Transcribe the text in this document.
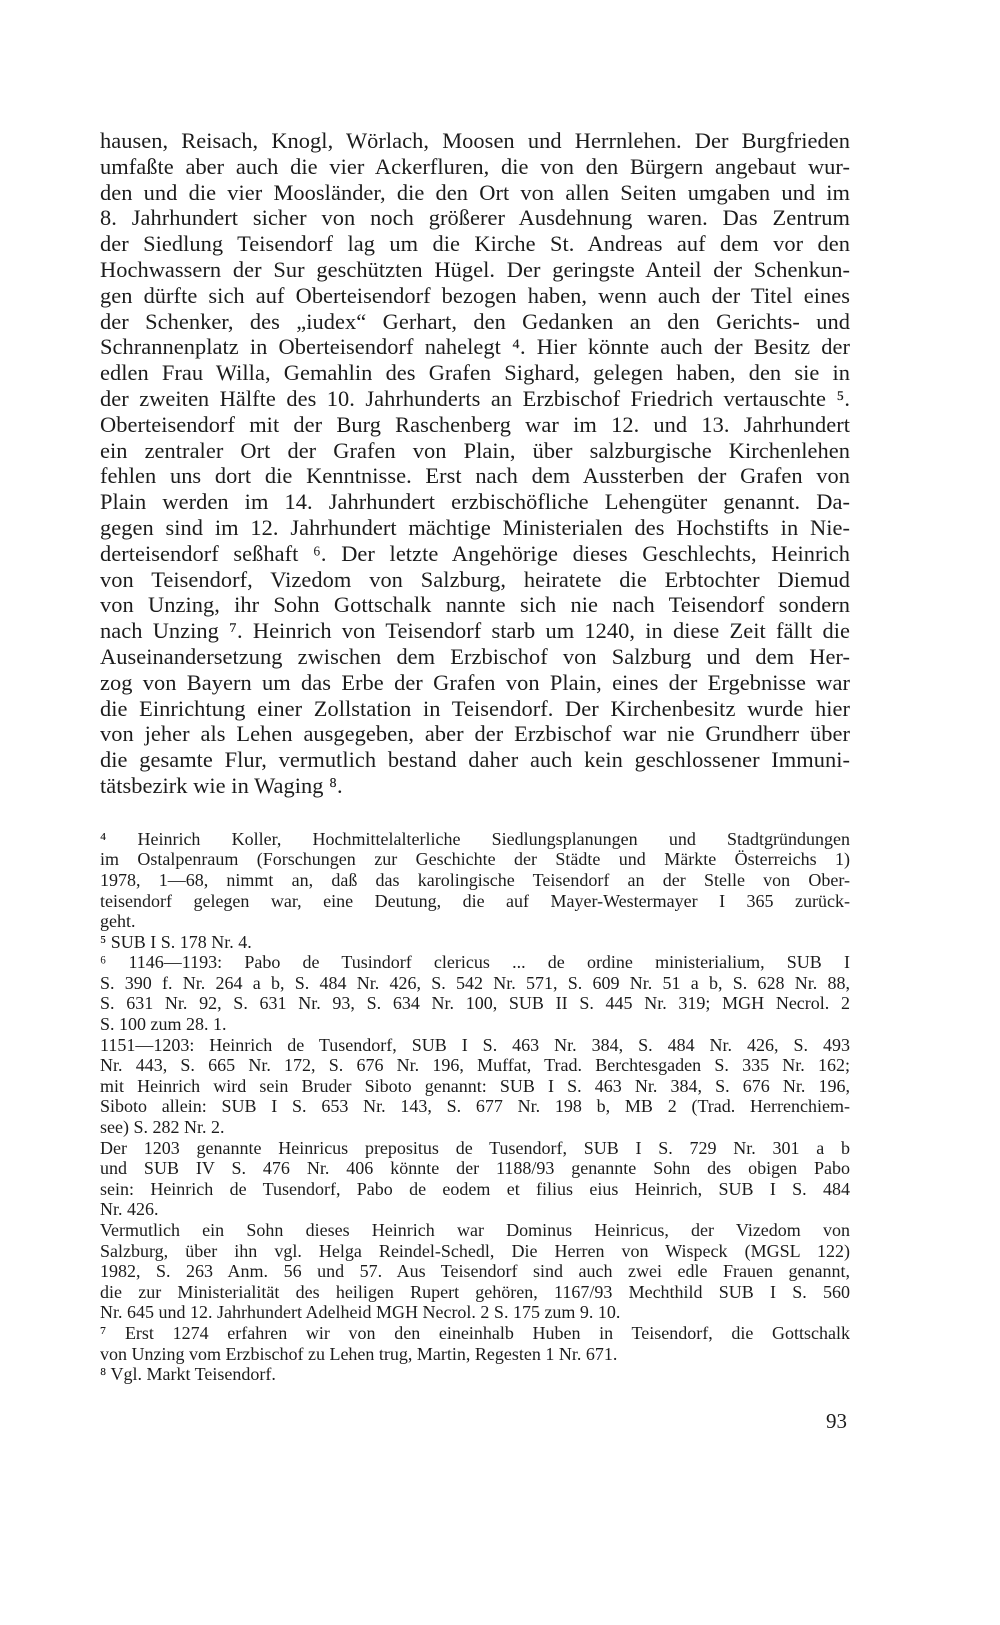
hausen, Reisach, Knogl, Wörlach, Moosen und Herrnlehen. Der Burgfrieden
umfaßte aber auch die vier Ackerfluren, die von den Bürgern angebaut wur-
den und die vier Moosländer, die den Ort von allen Seiten umgaben und im
8. Jahrhundert sicher von noch größerer Ausdehnung waren. Das Zentrum
der Siedlung Teisendorf lag um die Kirche St. Andreas auf dem vor den
Hochwassern der Sur geschützten Hügel. Der geringste Anteil der Schenkun-
gen dürfte sich auf Oberteisendorf bezogen haben, wenn auch der Titel eines
der Schenker, des „iudex“ Gerhart, den Gedanken an den Gerichts- und
Schrannenplatz in Oberteisendorf nahelegt ⁴. Hier könnte auch der Besitz der
edlen Frau Willa, Gemahlin des Grafen Sighard, gelegen haben, den sie in
der zweiten Hälfte des 10. Jahrhunderts an Erzbischof Friedrich vertauschte ⁵.
Oberteisendorf mit der Burg Raschenberg war im 12. und 13. Jahrhundert
ein zentraler Ort der Grafen von Plain, über salzburgische Kirchenlehen
fehlen uns dort die Kenntnisse. Erst nach dem Aussterben der Grafen von
Plain werden im 14. Jahrhundert erzbischöfliche Lehengüter genannt. Da-
gegen sind im 12. Jahrhundert mächtige Ministerialen des Hochstifts in Nie-
derteisendorf seßhaft ⁶. Der letzte Angehörige dieses Geschlechts, Heinrich
von Teisendorf, Vizedom von Salzburg, heiratete die Erbtochter Diemud
von Unzing, ihr Sohn Gottschalk nannte sich nie nach Teisendorf sondern
nach Unzing ⁷. Heinrich von Teisendorf starb um 1240, in diese Zeit fällt die
Auseinandersetzung zwischen dem Erzbischof von Salzburg und dem Her-
zog von Bayern um das Erbe der Grafen von Plain, eines der Ergebnisse war
die Einrichtung einer Zollstation in Teisendorf. Der Kirchenbesitz wurde hier
von jeher als Lehen ausgegeben, aber der Erzbischof war nie Grundherr über
die gesamte Flur, vermutlich bestand daher auch kein geschlossener Immuni-
tätsbezirk wie in Waging ⁸.
⁴ Heinrich Koller, Hochmittelalterliche Siedlungsplanungen und Stadtgründungen
im Ostalpenraum (Forschungen zur Geschichte der Städte und Märkte Österreichs 1)
1978, 1—68, nimmt an, daß das karolingische Teisendorf an der Stelle von Ober-
teisendorf gelegen war, eine Deutung, die auf Mayer-Westermayer I 365 zurück-
geht.
⁵ SUB I S. 178 Nr. 4.
⁶ 1146—1193: Pabo de Tusindorf clericus ... de ordine ministerialium, SUB I
S. 390 f. Nr. 264 a b, S. 484 Nr. 426, S. 542 Nr. 571, S. 609 Nr. 51 a b, S. 628 Nr. 88,
S. 631 Nr. 92, S. 631 Nr. 93, S. 634 Nr. 100, SUB II S. 445 Nr. 319; MGH Necrol. 2
S. 100 zum 28. 1.
1151—1203: Heinrich de Tusendorf, SUB I S. 463 Nr. 384, S. 484 Nr. 426, S. 493
Nr. 443, S. 665 Nr. 172, S. 676 Nr. 196, Muffat, Trad. Berchtesgaden S. 335 Nr. 162;
mit Heinrich wird sein Bruder Siboto genannt: SUB I S. 463 Nr. 384, S. 676 Nr. 196,
Siboto allein: SUB I S. 653 Nr. 143, S. 677 Nr. 198 b, MB 2 (Trad. Herrenchiem-
see) S. 282 Nr. 2.
Der 1203 genannte Heinricus prepositus de Tusendorf, SUB I S. 729 Nr. 301 a b
und SUB IV S. 476 Nr. 406 könnte der 1188/93 genannte Sohn des obigen Pabo
sein: Heinrich de Tusendorf, Pabo de eodem et filius eius Heinrich, SUB I S. 484
Nr. 426.
Vermutlich ein Sohn dieses Heinrich war Dominus Heinricus, der Vizedom von
Salzburg, über ihn vgl. Helga Reindel-Schedl, Die Herren von Wispeck (MGSL 122)
1982, S. 263 Anm. 56 und 57. Aus Teisendorf sind auch zwei edle Frauen genannt,
die zur Ministerialität des heiligen Rupert gehören, 1167/93 Mechthild SUB I S. 560
Nr. 645 und 12. Jahrhundert Adelheid MGH Necrol. 2 S. 175 zum 9. 10.
⁷ Erst 1274 erfahren wir von den eineinhalb Huben in Teisendorf, die Gottschalk
von Unzing vom Erzbischof zu Lehen trug, Martin, Regesten 1 Nr. 671.
⁸ Vgl. Markt Teisendorf.
93
